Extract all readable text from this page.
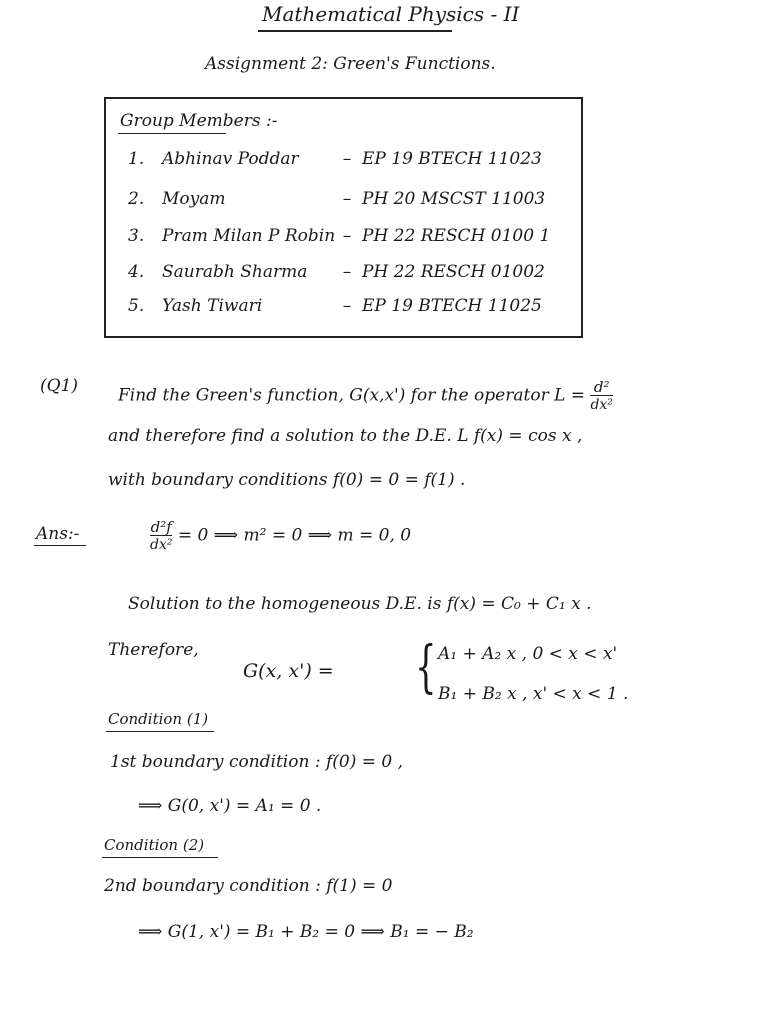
Mathematical Physics - II
Assignment 2: Green's Functions.
Group Members :-
1. Abhinav Poddar	– EP 19 BTECH 11023
2. Moyam	– PH 20 MSCST 11003
3. Pram Milan P Robin – PH 22 RESCH 0100 1
4. Saurabh Sharma – PH 22 RESCH 01002
5. Yash Tiwari	– EP 19 BTECH 11025
(Q1) Find the Green's function, G(x,x') for the operator $L = \frac{\text{d²}}{\text{dx²}}$
and therefore find a solution to the D.E. L f(x) = cos x ,
with boundary conditions f(0) = 0 = f(1) .
Ans:-	$\frac{\text{d²f}}{\text{dx²}} = 0$ ⟹ m² = 0 ⟹ m = 0, 0
Solution to the homogeneous D.E. is f(x) = C₀ + C₁ x .
Therefore,
G(x, x') = { A₁ + A₂ x , 0 < x < x'
B₁ + B₂ x , x' < x < 1 .
Condition (1)
1st boundary condition : f(0) = 0 ,
⟹ G(0, x') = A₁ = 0 .
Condition (2)
2nd boundary condition : f(1) = 0
⟹ G(1, x') = B₁ + B₂ = 0 ⟹ B₁ = − B₂
